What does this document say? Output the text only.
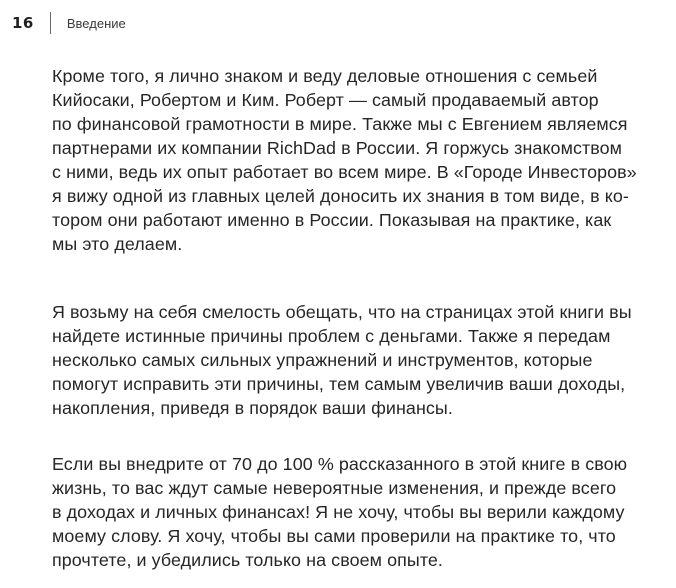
16	Введение

Кроме того, я лично знаком и веду деловые отношения с семьей
Кийосаки, Робертом и Ким. Роберт — самый продаваемый автор
по финансовой грамотности в мире. Также мы с Евгением являемся
партнерами их компании RichDad в России. Я горжусь знакомством
с ними, ведь их опыт работает во всем мире. В «Городе Инвесторов»
я вижу одной из главных целей доносить их знания в том виде, в ко-
тором они работают именно в России. Показывая на практике, как
мы это делаем.

Я возьму на себя смелость обещать, что на страницах этой книги вы
найдете истинные причины проблем с деньгами. Также я передам
несколько самых сильных упражнений и инструментов, которые
помогут исправить эти причины, тем самым увеличив ваши доходы,
накопления, приведя в порядок ваши финансы.

Если вы внедрите от 70 до 100 % рассказанного в этой книге в свою
жизнь, то вас ждут самые невероятные изменения, и прежде всего
в доходах и личных финансах! Я не хочу, чтобы вы верили каждому
моему слову. Я хочу, чтобы вы сами проверили на практике то, что
прочтете, и убедились только на своем опыте.
